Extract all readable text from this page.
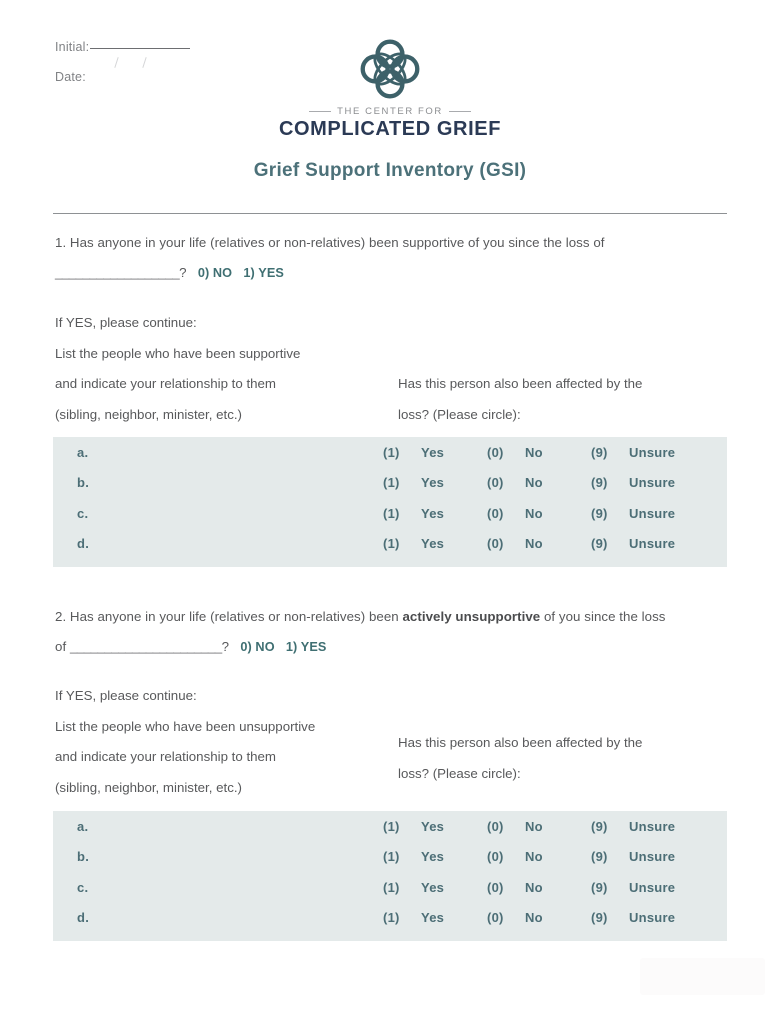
Initial:
Date:
THE CENTER FOR
COMPLICATED GRIEF
Grief Support Inventory (GSI)
1. Has anyone in your life (relatives or non-relatives) been supportive of you since the loss of
__________________? 0) NO 1) YES
If YES, please continue:
List the people who have been supportive
and indicate your relationship to them
(sibling, neighbor, minister, etc.)
Has this person also been affected by the
loss? (Please circle):
a.	(1)	Yes	(0)	No	(9)	Unsure
b.	(1)	Yes	(0)	No	(9)	Unsure
c.	(1)	Yes	(0)	No	(9)	Unsure
d.	(1)	Yes	(0)	No	(9)	Unsure
2. Has anyone in your life (relatives or non-relatives) been actively unsupportive of you since the loss
of ______________________? 0) NO 1) YES
If YES, please continue:
List the people who have been unsupportive
and indicate your relationship to them
(sibling, neighbor, minister, etc.)
Has this person also been affected by the
loss? (Please circle):
a.	(1)	Yes	(0)	No	(9)	Unsure
b.	(1)	Yes	(0)	No	(9)	Unsure
c.	(1)	Yes	(0)	No	(9)	Unsure
d.	(1)	Yes	(0)	No	(9)	Unsure
